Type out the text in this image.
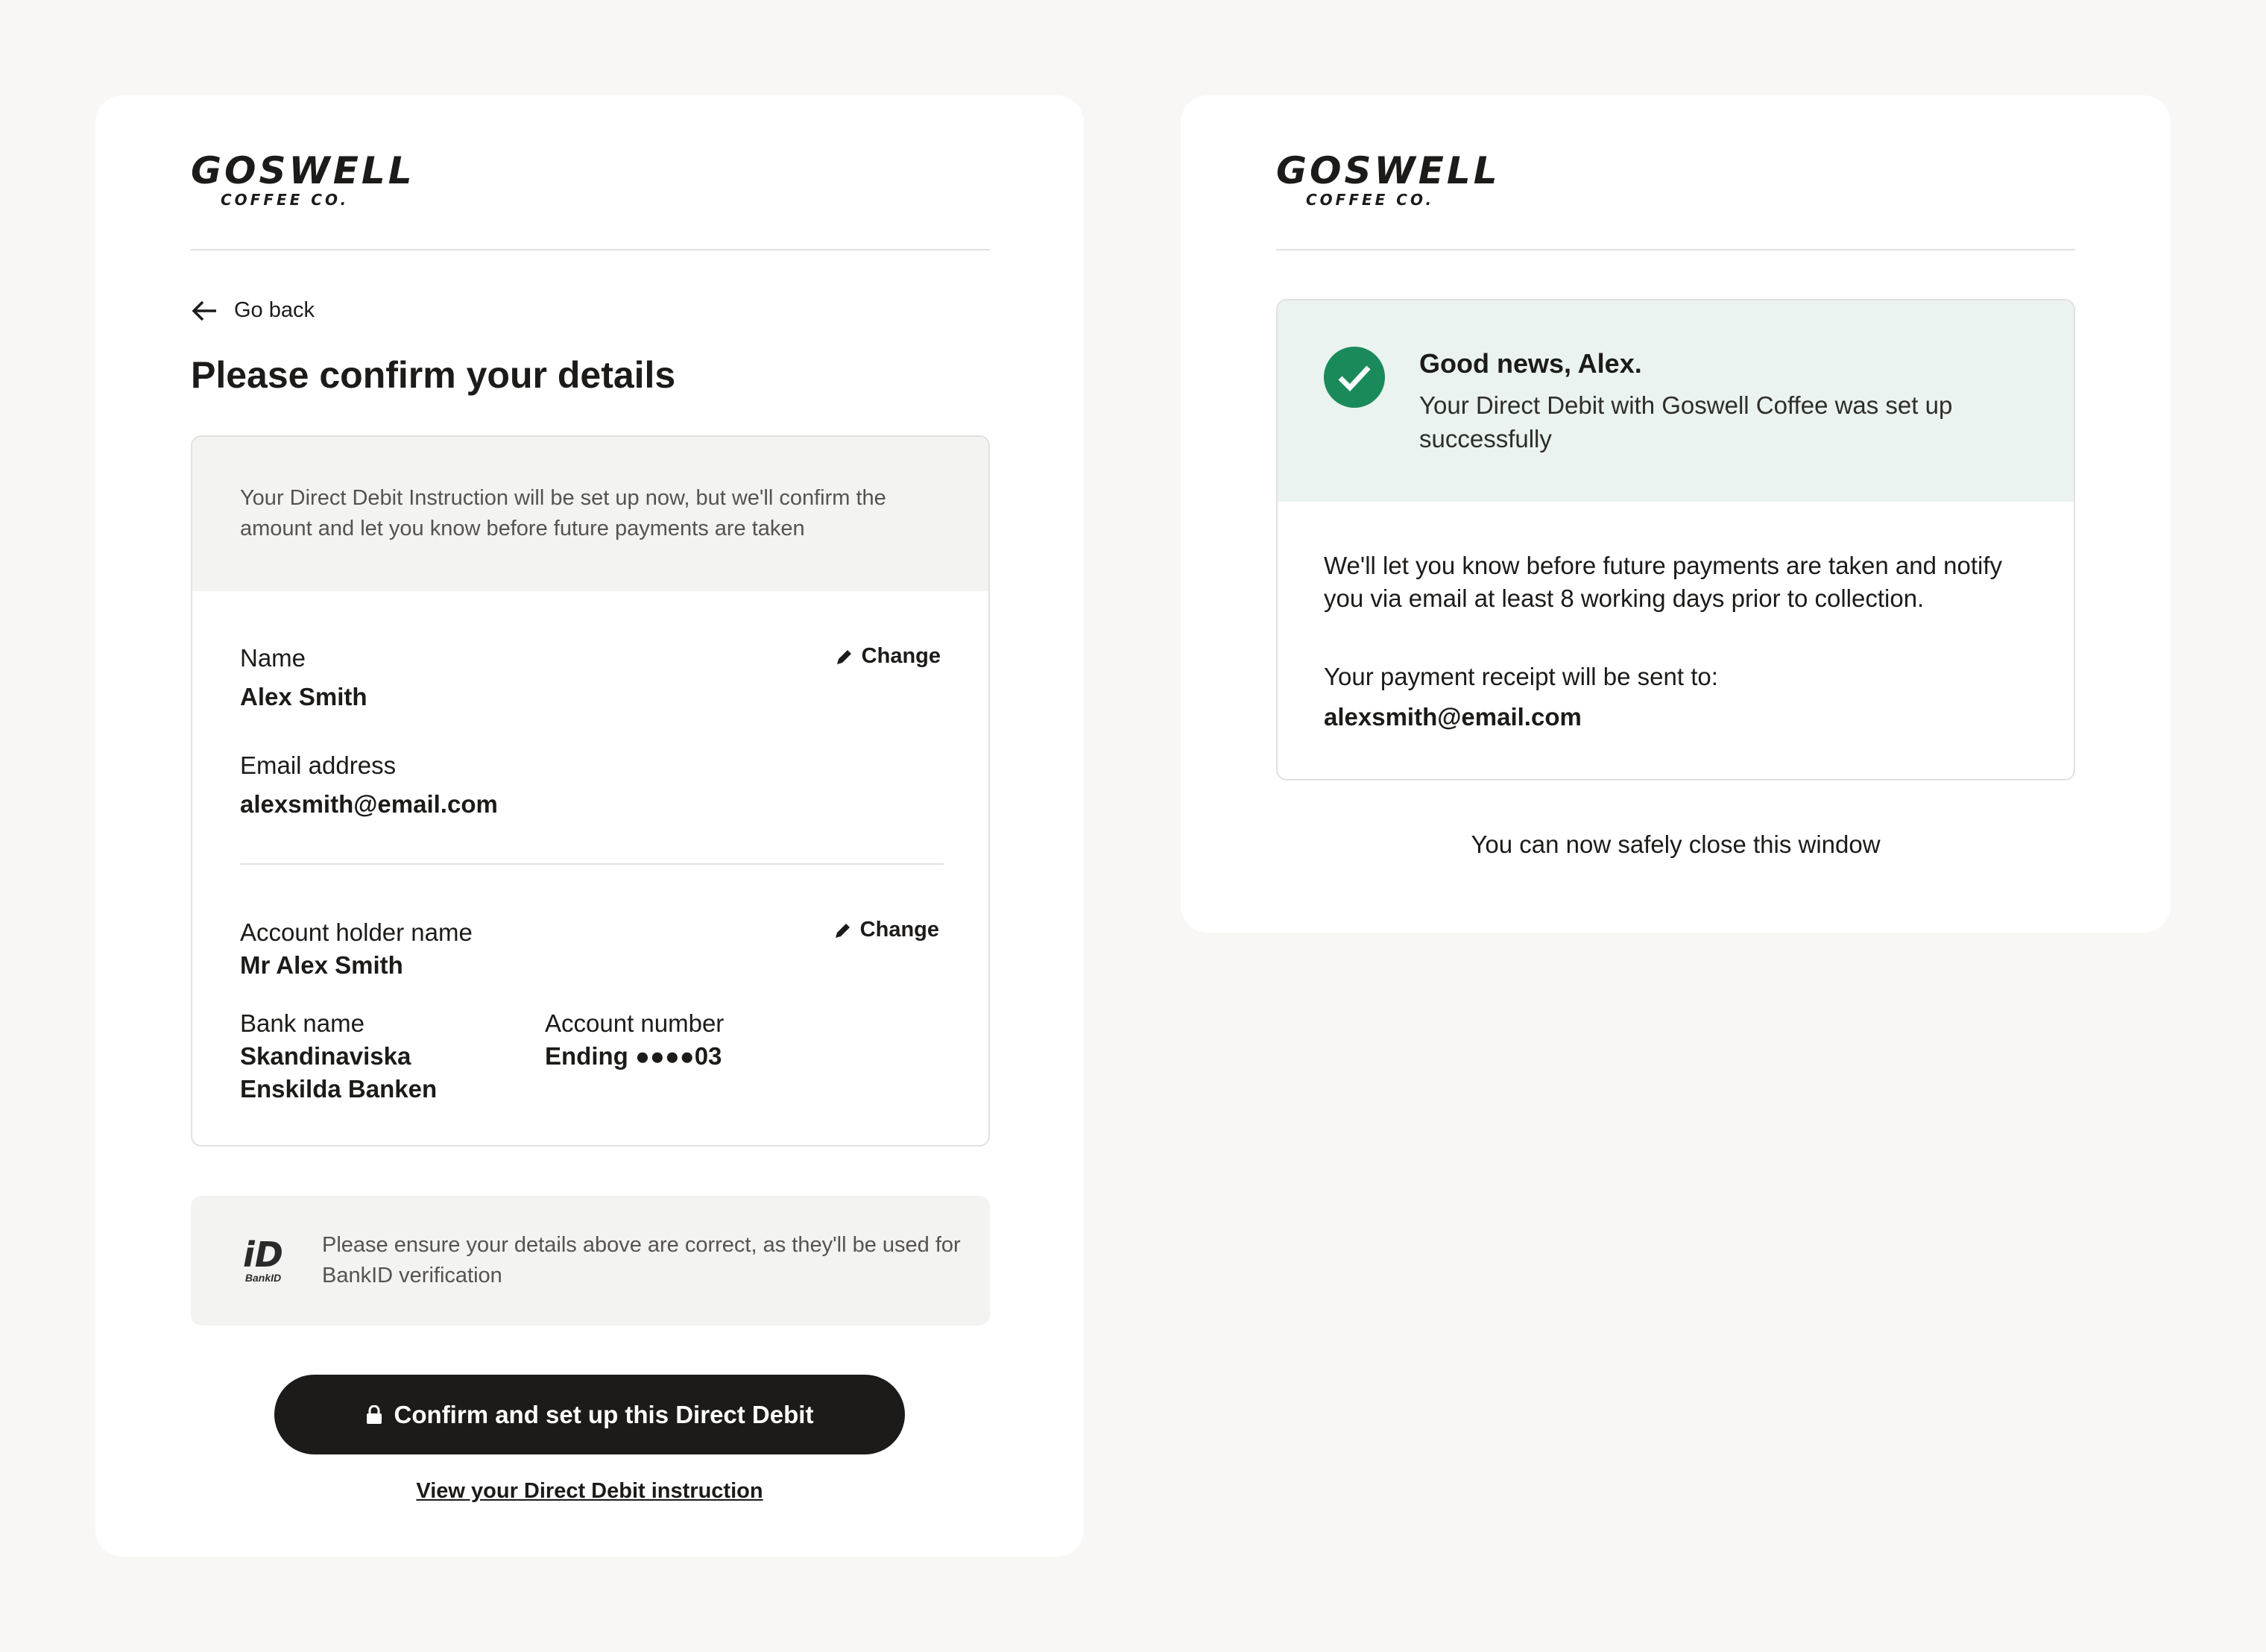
GOSWELL
COFFEE CO.
Go back
Please confirm your details
Your Direct Debit Instruction will be set up now, but we'll confirm the amount and let you know before future payments are taken
Name
Alex Smith
Email address
alexsmith@email.com
Change
Account holder name
Mr Alex Smith
Change
Bank name
Skandinaviska
Enskilda Banken
Account number
Ending ●●●●03
iD
BankID
Please ensure your details above are correct, as they'll be used for BankID verification
Confirm and set up this Direct Debit
View your Direct Debit instruction
GOSWELL
COFFEE CO.
Good news, Alex.
Your Direct Debit with Goswell Coffee was set up successfully
We'll let you know before future payments are taken and notify you via email at least 8 working days prior to collection.
Your payment receipt will be sent to:
alexsmith@email.com
You can now safely close this window
